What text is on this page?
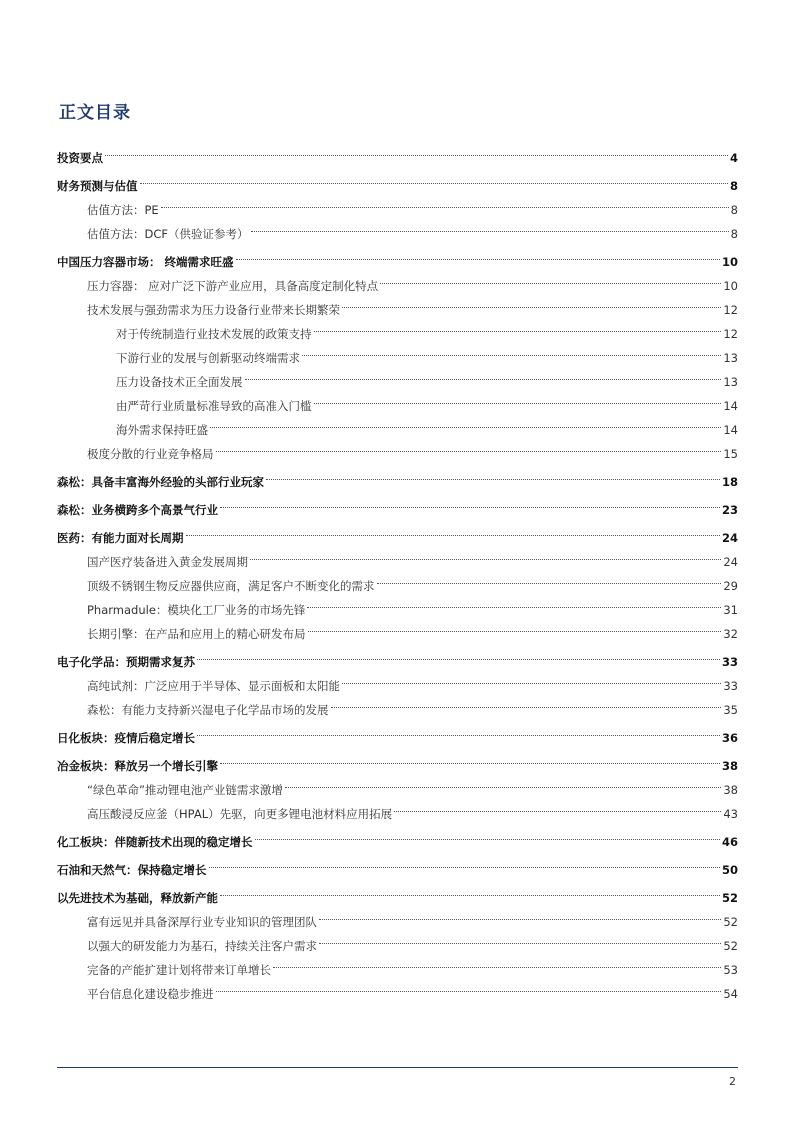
正文目录
投资要点	4
财务预测与估值	8
估值方法：PE	8
估值方法：DCF（供验证参考）	8
中国压力容器市场： 终端需求旺盛	10
压力容器： 应对广泛下游产业应用，具备高度定制化特点	10
技术发展与强劲需求为压力设备行业带来长期繁荣	12
对于传统制造行业技术发展的政策支持	12
下游行业的发展与创新驱动终端需求	13
压力设备技术正全面发展	13
由严苛行业质量标准导致的高准入门槛	14
海外需求保持旺盛	14
极度分散的行业竞争格局	15
森松：具备丰富海外经验的头部行业玩家	18
森松：业务横跨多个高景气行业	23
医药：有能力面对长周期	24
国产医疗装备进入黄金发展周期	24
顶级不锈钢生物反应器供应商，满足客户不断变化的需求	29
Pharmadule：模块化工厂业务的市场先锋	31
长期引擎：在产品和应用上的精心研发布局	32
电子化学品：预期需求复苏	33
高纯试剂：广泛应用于半导体、显示面板和太阳能	33
森松：有能力支持新兴湿电子化学品市场的发展	35
日化板块：疫情后稳定增长	36
冶金板块：释放另一个增长引擎	38
“绿色革命”推动锂电池产业链需求激增	38
高压酸浸反应釜（HPAL）先驱，向更多锂电池材料应用拓展	43
化工板块：伴随新技术出现的稳定增长	46
石油和天然气：保持稳定增长	50
以先进技术为基础，释放新产能	52
富有远见并具备深厚行业专业知识的管理团队	52
以强大的研发能力为基石，持续关注客户需求	52
完备的产能扩建计划将带来订单增长	53
平台信息化建设稳步推进	54
2
